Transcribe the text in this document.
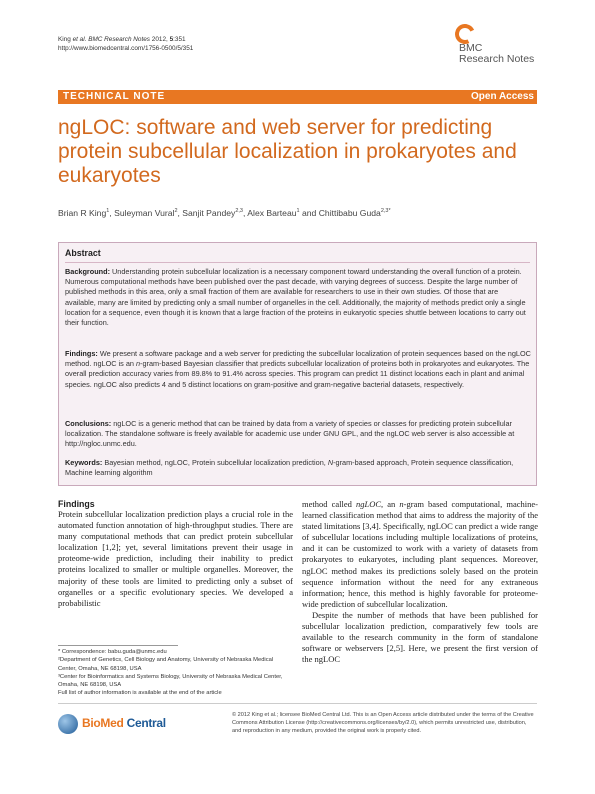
King et al. BMC Research Notes 2012, 5:351
http://www.biomedcentral.com/1756-0500/5/351	BMC
Research Notes
TECHNICAL NOTE	Open Access
ngLOC: software and web server for predicting protein subcellular localization in prokaryotes and eukaryotes
Brian R King$^1$, Suleyman Vural$^2$, Sanjit Pandey$^{2,3}$, Alex Barteau$^1$ and Chittibabu Guda$^{2,3*}$
Abstract
Background: Understanding protein subcellular localization is a necessary component toward understanding the overall function of a protein. Numerous computational methods have been published over the past decade, with varying degrees of success. Despite the large number of published methods in this area, only a small fraction of them are available for researchers to use in their own studies. Of those that are available, many are limited by predicting only a small number of organelles in the cell. Additionally, the majority of methods predict only a single location for a sequence, even though it is known that a large fraction of the proteins in eukaryotic species shuttle between locations to carry out their function.
Findings: We present a software package and a web server for predicting the subcellular localization of protein sequences based on the ngLOC method. ngLOC is an n-gram-based Bayesian classifier that predicts subcellular localization of proteins both in prokaryotes and eukaryotes. The overall prediction accuracy varies from 89.8% to 91.4% across species. This program can predict 11 distinct locations each in plant and animal species. ngLOC also predicts 4 and 5 distinct locations on gram-positive and gram-negative bacterial datasets, respectively.
Conclusions: ngLOC is a generic method that can be trained by data from a variety of species or classes for predicting protein subcellular localization. The standalone software is freely available for academic use under GNU GPL, and the ngLOC web server is also accessible at http://ngloc.unmc.edu.
Keywords: Bayesian method, ngLOC, Protein subcellular localization prediction, N-gram-based approach, Protein sequence classification, Machine learning algorithm
Findings
Protein subcellular localization prediction plays a crucial role in the automated function annotation of high-throughput studies. There are many computational methods that can predict protein subcellular localization [1,2]; yet, several limitations prevent their usage in proteome-wide prediction, including their inability to predict proteins localized to smaller or multiple organelles. Moreover, the majority of these tools are limited to predicting only a subset of organelles or a specific evolutionary species. We developed a probabilistic
method called ngLOC, an n-gram based computational, machine-learned classification method that aims to address the majority of the stated limitations [3,4]. Specifically, ngLOC can predict a wide range of subcellular locations including multiple localizations of proteins, and it can be customized to work with a variety of datasets from prokaryotes to eukaryotes, including plant sequences. Moreover, ngLOC method makes its predictions solely based on the protein sequence information without the need for any extraneous information; hence, this method is highly favorable for proteome-wide prediction of subcellular localization.
Despite the number of methods that have been published for subcellular localization prediction, comparatively few tools are available to the research community in the form of standalone software or webservers [2,5]. Here, we present the first version of the ngLOC
* Correspondence: babu.guda@unmc.edu
²Department of Genetics, Cell Biology and Anatomy, University of Nebraska Medical Center, Omaha, NE 68198, USA
³Center for Bioinformatics and Systems Biology, University of Nebraska Medical Center, Omaha, NE 68198, USA
Full list of author information is available at the end of the article
BioMed Central
© 2012 King et al.; licensee BioMed Central Ltd. This is an Open Access article distributed under the terms of the Creative Commons Attribution License (http://creativecommons.org/licenses/by/2.0), which permits unrestricted use, distribution, and reproduction in any medium, provided the original work is properly cited.
